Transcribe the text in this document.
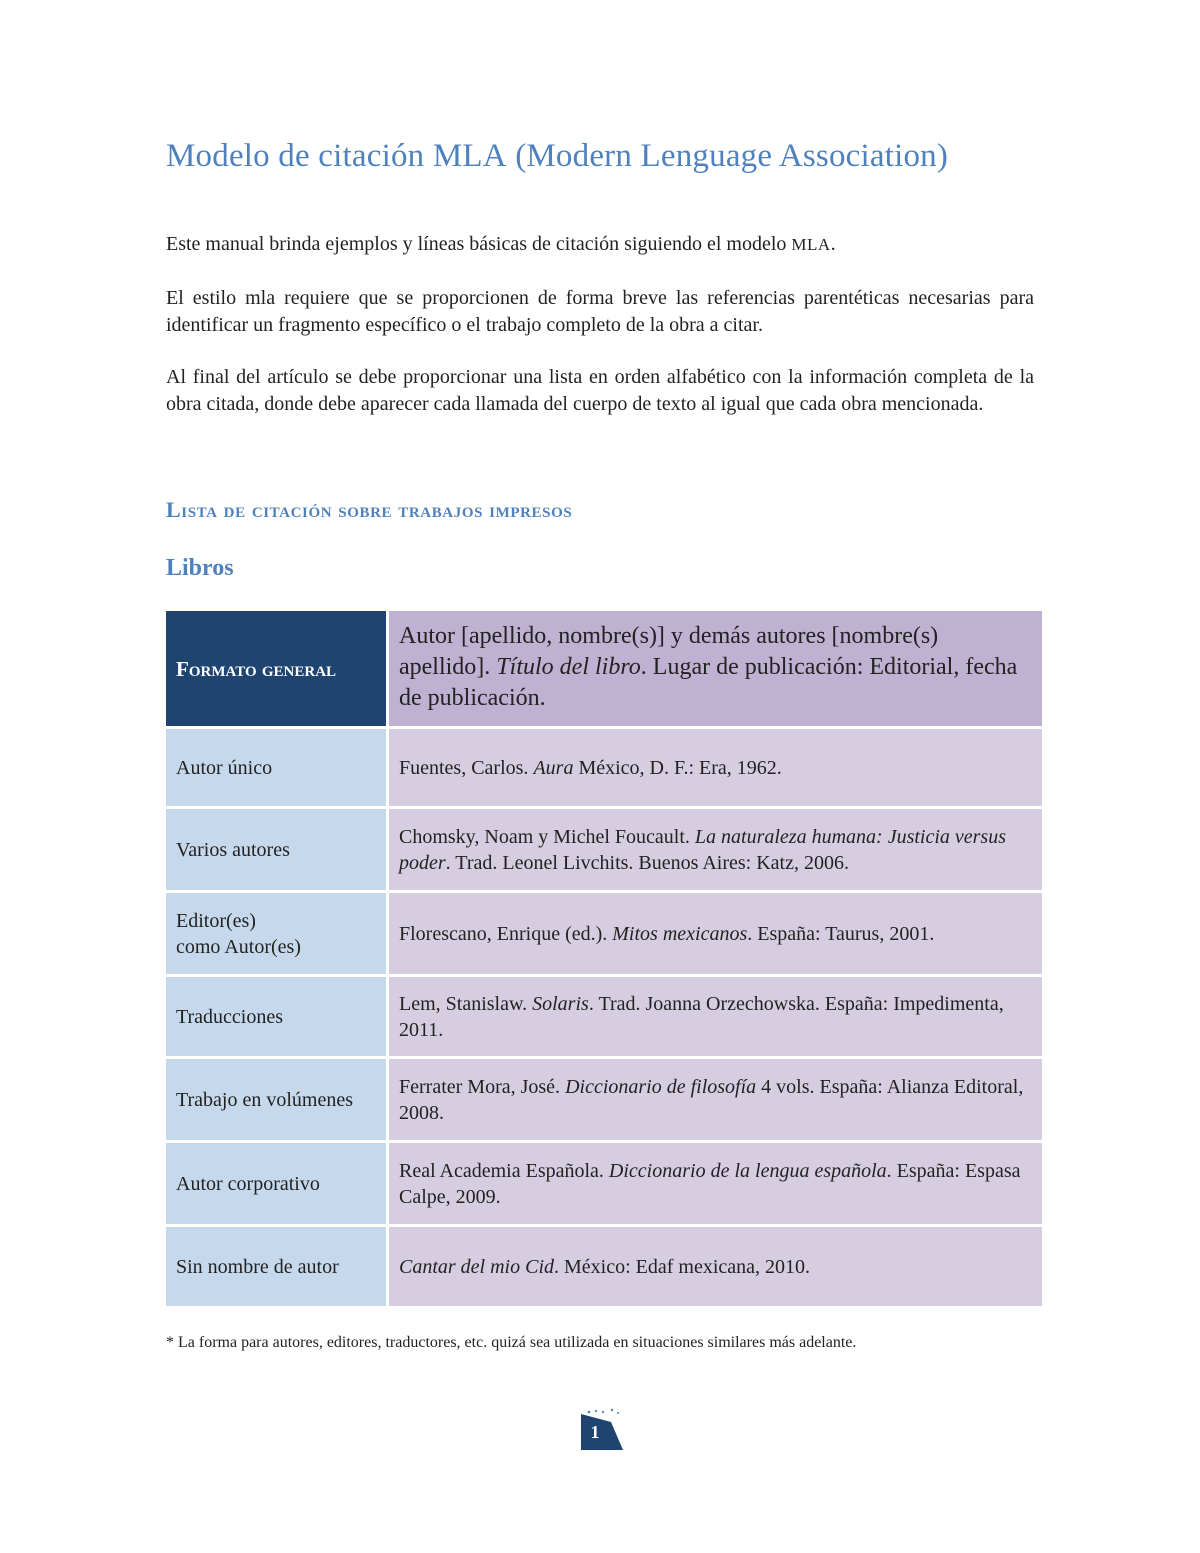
Modelo de citación MLA (Modern Lenguage Association)

Este manual brinda ejemplos y líneas básicas de citación siguiendo el modelo MLA.

El estilo mla requiere que se proporcionen de forma breve las referencias parentéticas necesarias para identificar un fragmento específico o el trabajo completo de la obra a citar.

Al final del artículo se debe proporcionar una lista en orden alfabético con la información completa de la obra citada, donde debe aparecer cada llamada del cuerpo de texto al igual que cada obra mencionada.

Lista de citación sobre trabajos impresos
Libros
Formato general	Autor [apellido, nombre(s)] y demás autores [nombre(s) apellido]. Título del libro. Lugar de publicación: Editorial, fecha de publicación.
Autor único	Fuentes, Carlos. Aura México, D. F.: Era, 1962.
Varios autores	Chomsky, Noam y Michel Foucault. La naturaleza humana: Justicia versus poder. Trad. Leonel Livchits. Buenos Aires: Katz, 2006.
Editor(es)
como Autor(es)	Florescano, Enrique (ed.). Mitos mexicanos. España: Taurus, 2001.
Traducciones	Lem, Stanislaw. Solaris. Trad. Joanna Orzechowska. España: Impedimenta, 2011.
Trabajo en volúmenes	Ferrater Mora, José. Diccionario de filosofía 4 vols. España: Alianza Editoral, 2008.
Autor corporativo	Real Academia Española. Diccionario de la lengua española. España: Espasa Calpe, 2009.
Sin nombre de autor	Cantar del mio Cid. México: Edaf mexicana, 2010.

* La forma para autores, editores, traductores, etc. quizá sea utilizada en situaciones similares más adelante.

1
